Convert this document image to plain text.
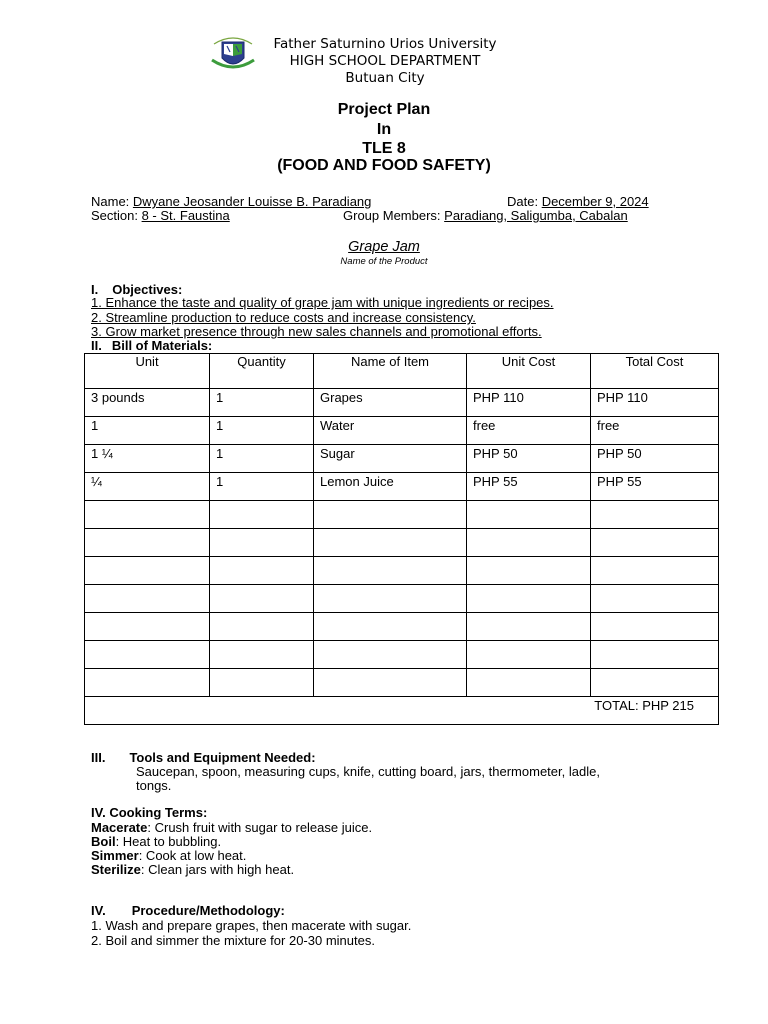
Father Saturnino Urios University
HIGH SCHOOL DEPARTMENT
Butuan City
Project Plan
In
TLE 8
(FOOD AND FOOD SAFETY)
Name: Dwyane Jeosander Louisse B. Paradiang	Date: December 9, 2024
Section: 8 - St. Faustina	Group Members: Paradiang, Saligumba, Cabalan
Grape Jam
Name of the Product
I. Objectives:
1. Enhance the taste and quality of grape jam with unique ingredients or recipes.
2. Streamline production to reduce costs and increase consistency.
3. Grow market presence through new sales channels and promotional efforts.
II. Bill of Materials:
Unit	Quantity	Name of Item	Unit Cost	Total Cost
3 pounds	1	Grapes	PHP 110	PHP 110
1	1	Water	free	free
1 ¼	1	Sugar	PHP 50	PHP 50
¼	1	Lemon Juice	PHP 55	PHP 55

TOTAL: PHP 215				
III. Tools and Equipment Needed:
Saucepan, spoon, measuring cups, knife, cutting board, jars, thermometer, ladle,
tongs.
IV. Cooking Terms:
Macerate: Crush fruit with sugar to release juice.
Boil: Heat to bubbling.
Simmer: Cook at low heat.
Sterilize: Clean jars with high heat.
IV. Procedure/Methodology:
1. Wash and prepare grapes, then macerate with sugar.
2. Boil and simmer the mixture for 20-30 minutes.
